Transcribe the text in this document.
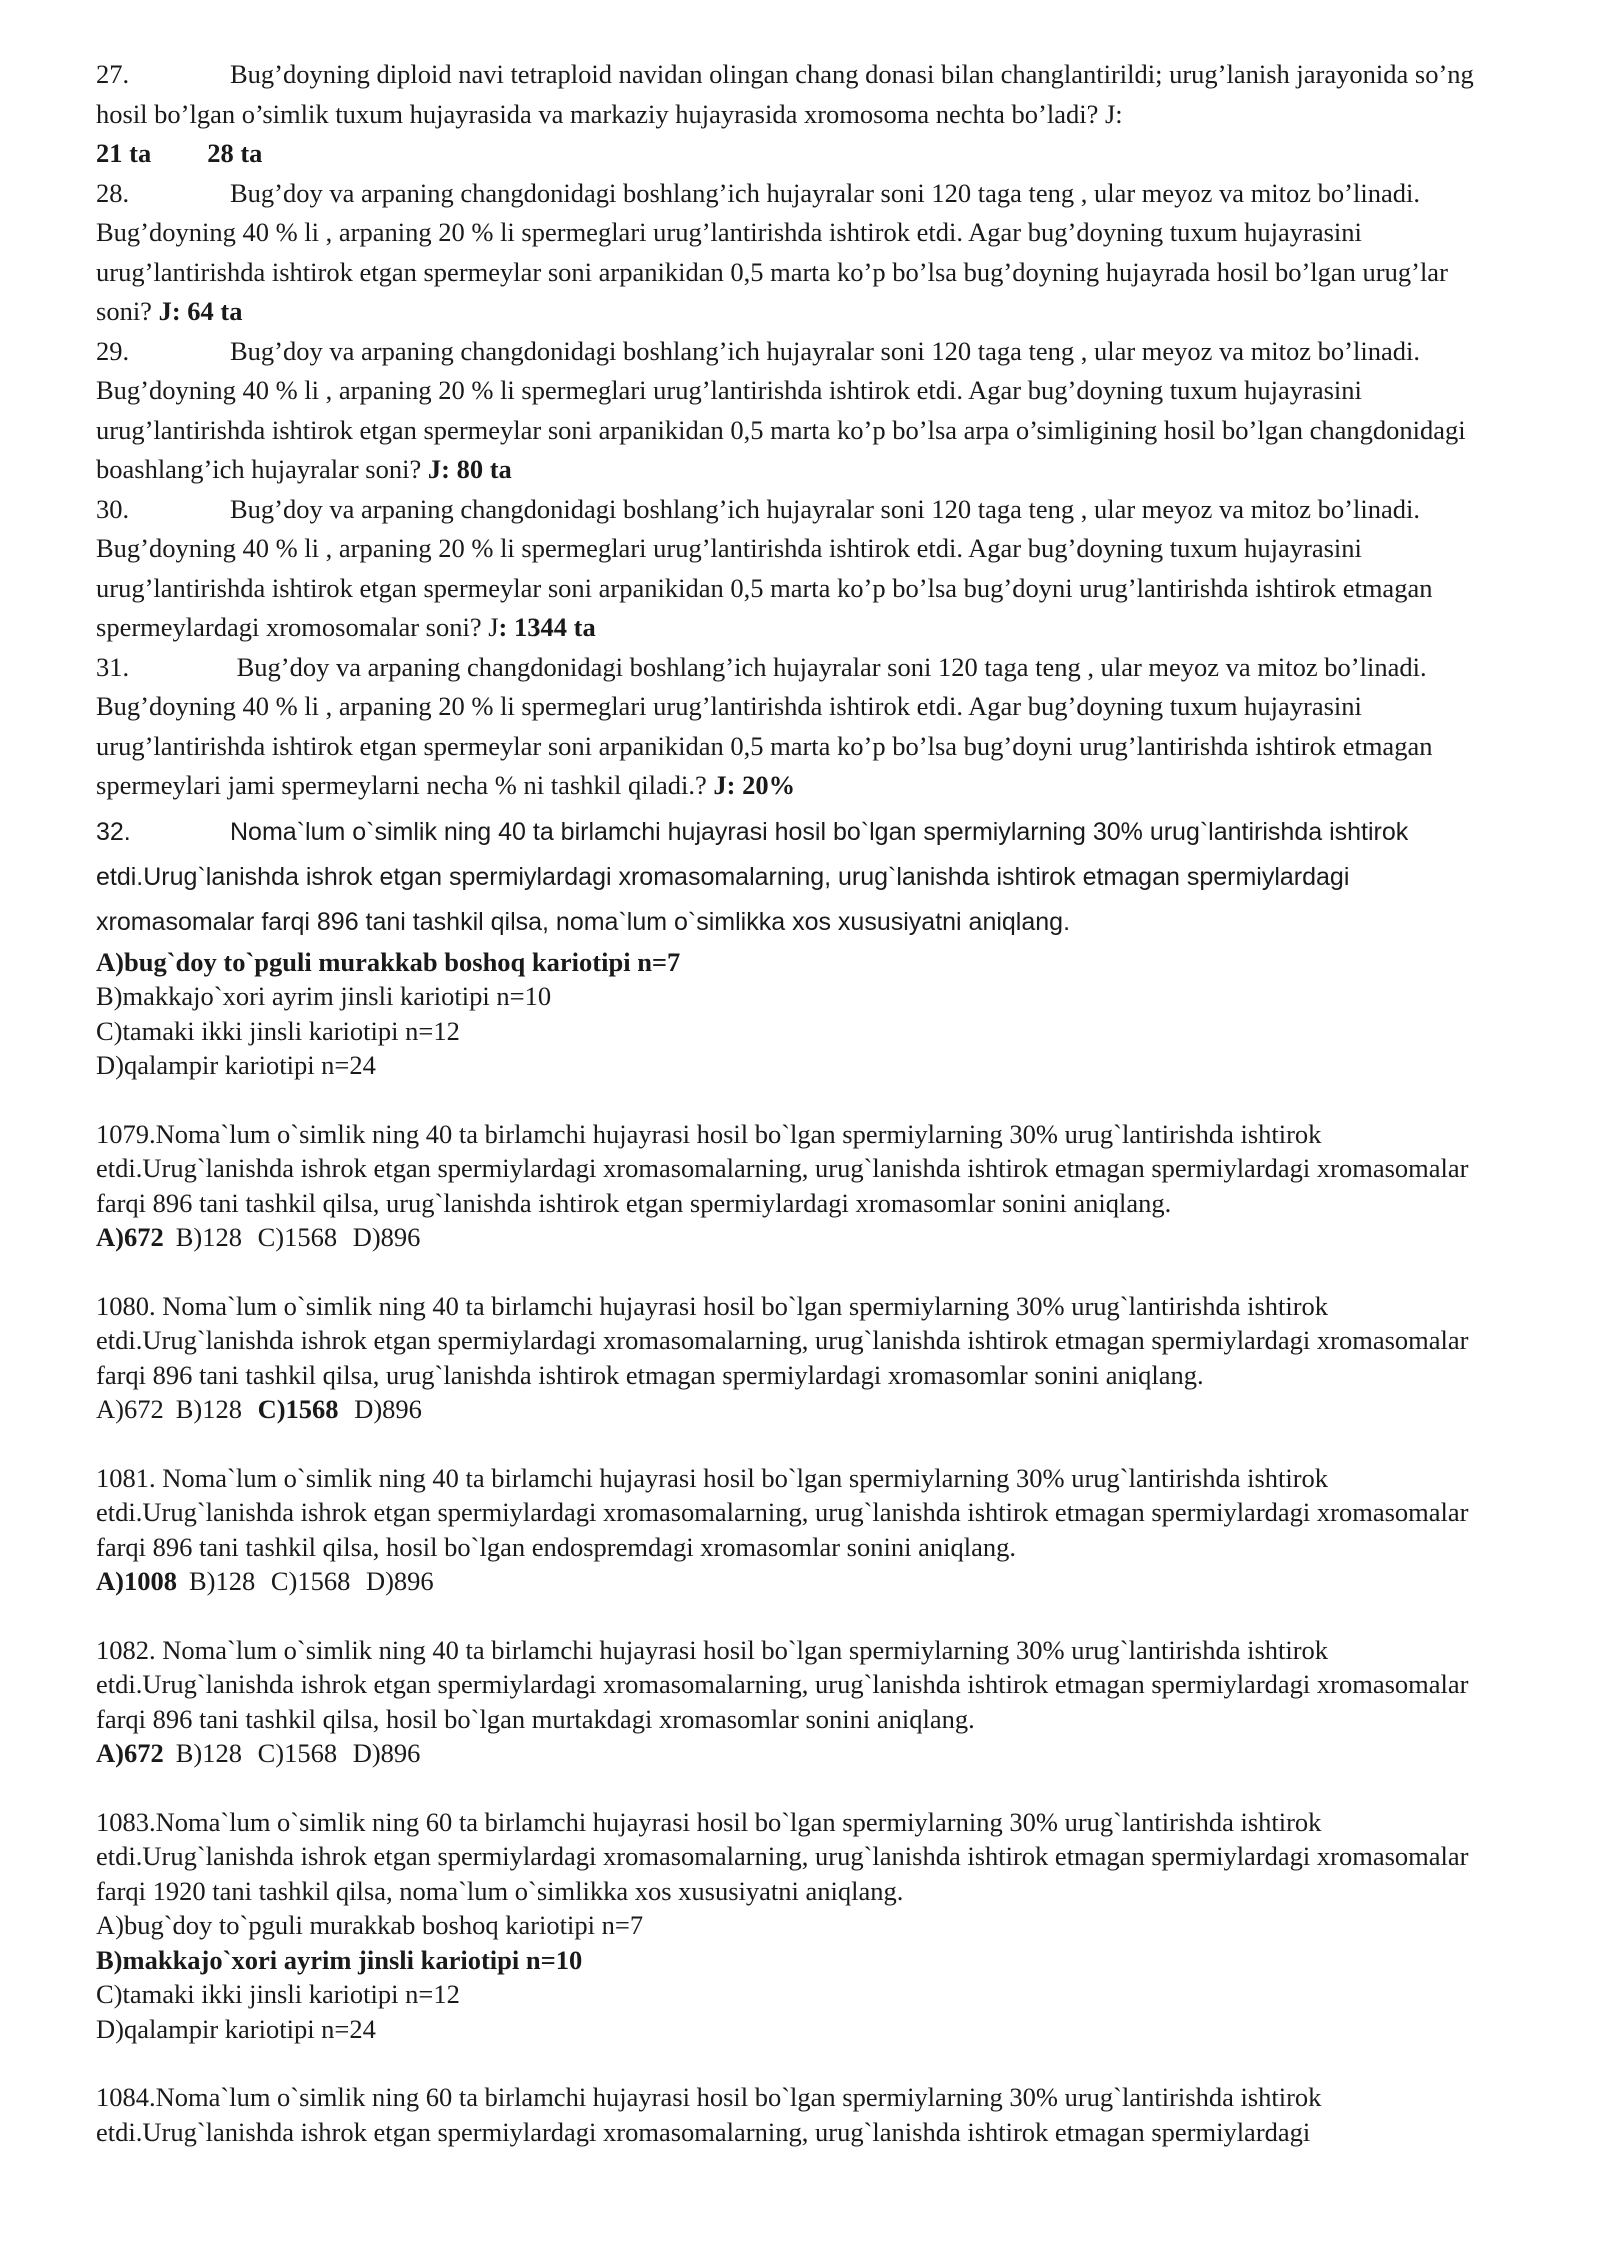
27.	Bug’doyning diploid navi tetraploid navidan olingan chang donasi bilan changlantirildi; urug’lanish jarayonida so’ng hosil bo’lgan o’simlik tuxum hujayrasida va markaziy hujayrasida xromosoma nechta bo’ladi? J:

21 ta 28 ta

28.	Bug’doy va arpaning changdonidagi boshlang’ich hujayralar soni 120 taga teng , ular meyoz va mitoz bo’linadi. Bug’doyning 40 % li , arpaning 20 % li spermeglari urug’lantirishda ishtirok etdi. Agar bug’doyning tuxum hujayrasini urug’lantirishda ishtirok etgan spermeylar soni arpanikidan 0,5 marta ko’p bo’lsa bug’doyning hujayrada hosil bo’lgan urug’lar soni? J: 64 ta

29.	Bug’doy va arpaning changdonidagi boshlang’ich hujayralar soni 120 taga teng , ular meyoz va mitoz bo’linadi. Bug’doyning 40 % li , arpaning 20 % li spermeglari urug’lantirishda ishtirok etdi. Agar bug’doyning tuxum hujayrasini urug’lantirishda ishtirok etgan spermeylar soni arpanikidan 0,5 marta ko’p bo’lsa arpa o’simligining hosil bo’lgan changdonidagi boashlang’ich hujayralar soni? J: 80 ta

30.	Bug’doy va arpaning changdonidagi boshlang’ich hujayralar soni 120 taga teng , ular meyoz va mitoz bo’linadi. Bug’doyning 40 % li , arpaning 20 % li spermeglari urug’lantirishda ishtirok etdi. Agar bug’doyning tuxum hujayrasini urug’lantirishda ishtirok etgan spermeylar soni arpanikidan 0,5 marta ko’p bo’lsa bug’doyni urug’lantirishda ishtirok etmagan spermeylardagi xromosomalar soni? J: 1344 ta

31.	Bug’doy va arpaning changdonidagi boshlang’ich hujayralar soni 120 taga teng , ular meyoz va mitoz bo’linadi. Bug’doyning 40 % li , arpaning 20 % li spermeglari urug’lantirishda ishtirok etdi. Agar bug’doyning tuxum hujayrasini urug’lantirishda ishtirok etgan spermeylar soni arpanikidan 0,5 marta ko’p bo’lsa bug’doyni urug’lantirishda ishtirok etmagan spermeylari jami spermeylarni necha % ni tashkil qiladi.? J: 20%

32.	Noma`lum o`simlik ning 40 ta birlamchi hujayrasi hosil bo`lgan spermiylarning 30% urug`lantirishda ishtirok etdi.Urug`lanishda ishrok etgan spermiylardagi xromasomalarning, urug`lanishda ishtirok etmagan spermiylardagi xromasomalar farqi 896 tani tashkil qilsa, noma`lum o`simlikka xos xususiyatni aniqlang.

A)bug`doy to`pguli murakkab boshoq kariotipi n=7
B)makkajo`xori ayrim jinsli kariotipi n=10
C)tamaki ikki jinsli kariotipi n=12
D)qalampir kariotipi n=24
1079.Noma`lum o`simlik ning 40 ta birlamchi hujayrasi hosil bo`lgan spermiylarning 30% urug`lantirishda ishtirok etdi.Urug`lanishda ishrok etgan spermiylardagi xromasomalarning, urug`lanishda ishtirok etmagan spermiylardagi xromasomalar farqi 896 tani tashkil qilsa, urug`lanishda ishtirok etgan spermiylardagi xromasomlar sonini aniqlang.
A)672 B)128 C)1568 D)896
1080. Noma`lum o`simlik ning 40 ta birlamchi hujayrasi hosil bo`lgan spermiylarning 30% urug`lantirishda ishtirok etdi.Urug`lanishda ishrok etgan spermiylardagi xromasomalarning, urug`lanishda ishtirok etmagan spermiylardagi xromasomalar farqi 896 tani tashkil qilsa, urug`lanishda ishtirok etmagan spermiylardagi xromasomlar sonini aniqlang.
A)672 B)128 C)1568 D)896
1081. Noma`lum o`simlik ning 40 ta birlamchi hujayrasi hosil bo`lgan spermiylarning 30% urug`lantirishda ishtirok etdi.Urug`lanishda ishrok etgan spermiylardagi xromasomalarning, urug`lanishda ishtirok etmagan spermiylardagi xromasomalar farqi 896 tani tashkil qilsa, hosil bo`lgan endospremdagi xromasomlar sonini aniqlang.
A)1008 B)128 C)1568 D)896
1082. Noma`lum o`simlik ning 40 ta birlamchi hujayrasi hosil bo`lgan spermiylarning 30% urug`lantirishda ishtirok etdi.Urug`lanishda ishrok etgan spermiylardagi xromasomalarning, urug`lanishda ishtirok etmagan spermiylardagi xromasomalar farqi 896 tani tashkil qilsa, hosil bo`lgan murtakdagi xromasomlar sonini aniqlang.
A)672 B)128 C)1568 D)896
1083.Noma`lum o`simlik ning 60 ta birlamchi hujayrasi hosil bo`lgan spermiylarning 30% urug`lantirishda ishtirok etdi.Urug`lanishda ishrok etgan spermiylardagi xromasomalarning, urug`lanishda ishtirok etmagan spermiylardagi xromasomalar farqi 1920 tani tashkil qilsa, noma`lum o`simlikka xos xususiyatni aniqlang.
A)bug`doy to`pguli murakkab boshoq kariotipi n=7
B)makkajo`xori ayrim jinsli kariotipi n=10
C)tamaki ikki jinsli kariotipi n=12
D)qalampir kariotipi n=24
1084.Noma`lum o`simlik ning 60 ta birlamchi hujayrasi hosil bo`lgan spermiylarning 30% urug`lantirishda ishtirok etdi.Urug`lanishda ishrok etgan spermiylardagi xromasomalarning, urug`lanishda ishtirok etmagan spermiylardagi
